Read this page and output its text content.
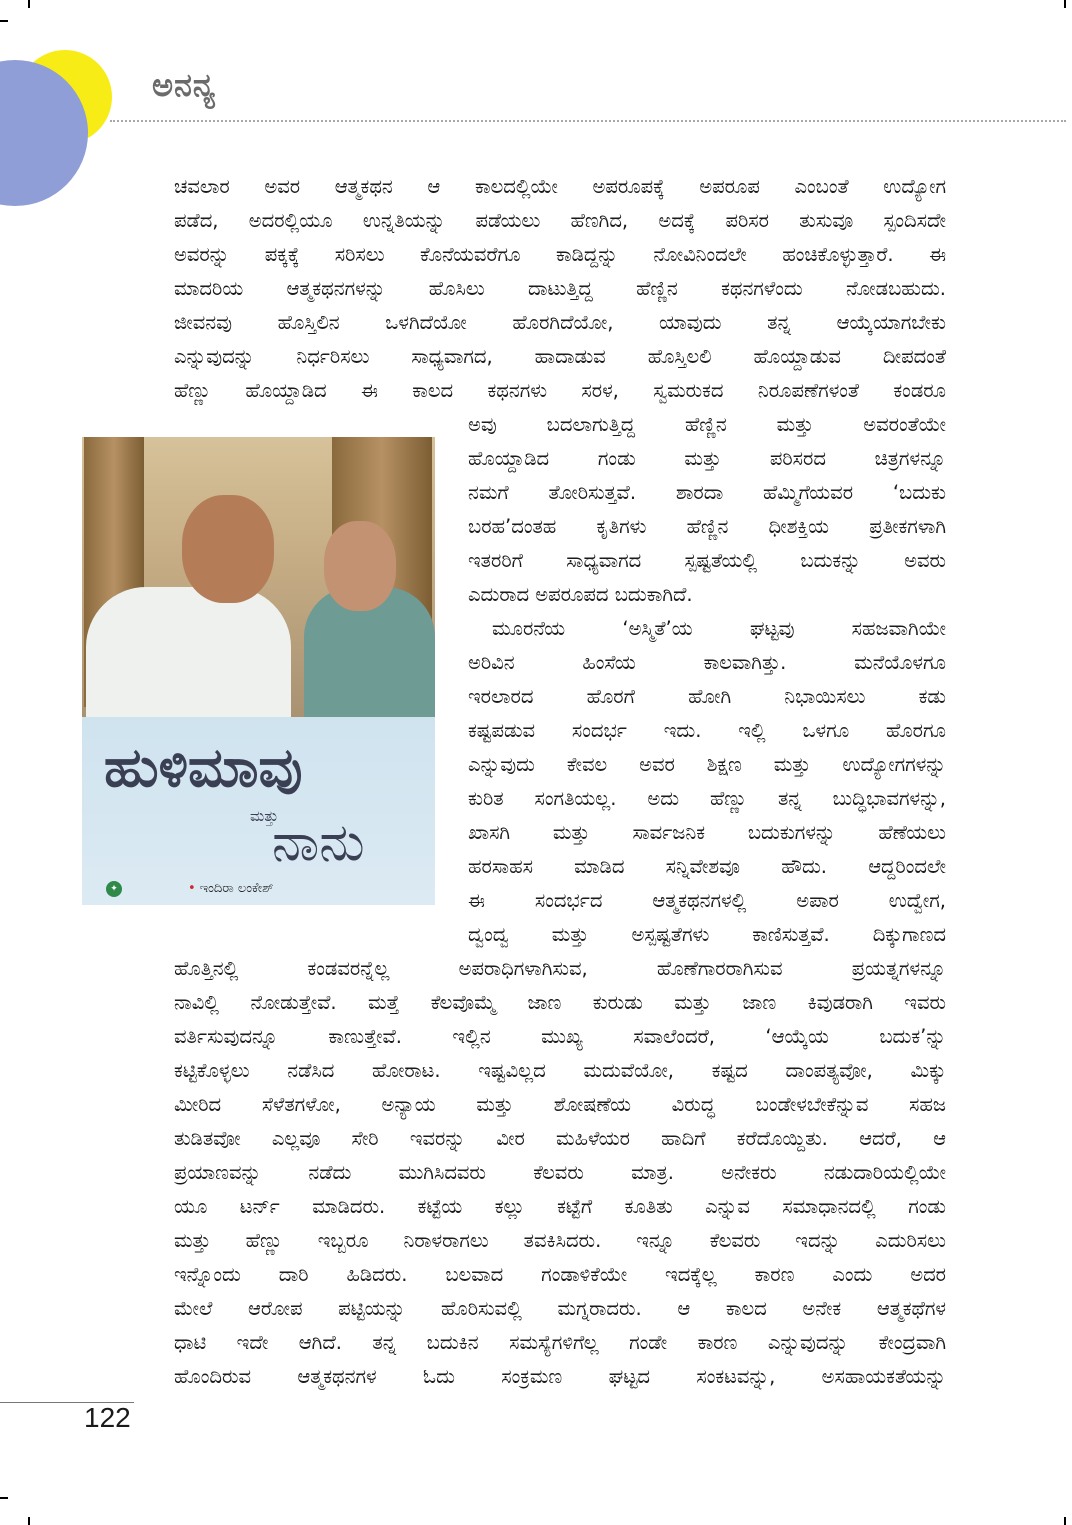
ಅನನ್ಯ
ಚವಲಾರ ಅವರ ಆತ್ಮಕಥನ ಆ ಕಾಲದಲ್ಲಿಯೇ ಅಪರೂಪಕ್ಕೆ ಅಪರೂಪ ಎಂಬಂತೆ ಉದ್ಯೋಗ
ಪಡೆದ, ಅದರಲ್ಲಿಯೂ ಉನ್ನತಿಯನ್ನು ಪಡೆಯಲು ಹೆಣಗಿದ, ಅದಕ್ಕೆ ಪರಿಸರ ತುಸುವೂ ಸ್ಪಂದಿಸದೇ
ಅವರನ್ನು ಪಕ್ಕಕ್ಕೆ ಸರಿಸಲು ಕೊನೆಯವರೆಗೂ ಕಾಡಿದ್ದನ್ನು ನೋವಿನಿಂದಲೇ ಹಂಚಿಕೊಳ್ಳುತ್ತಾರೆ. ಈ
ಮಾದರಿಯ ಆತ್ಮಕಥನಗಳನ್ನು ಹೊಸಿಲು ದಾಟುತ್ತಿದ್ದ ಹೆಣ್ಣಿನ ಕಥನಗಳೆಂದು ನೋಡಬಹುದು.
ಜೀವನವು ಹೊಸ್ತಿಲಿನ ಒಳಗಿದೆಯೋ ಹೊರಗಿದೆಯೋ, ಯಾವುದು ತನ್ನ ಆಯ್ಕೆಯಾಗಬೇಕು
ಎನ್ನುವುದನ್ನು ನಿರ್ಧರಿಸಲು ಸಾಧ್ಯವಾಗದ, ಹಾದಾಡುವ ಹೊಸ್ತಿಲಲಿ ಹೊಯ್ದಾಡುವ ದೀಪದಂತೆ
ಹೆಣ್ಣು ಹೊಯ್ದಾಡಿದ ಈ ಕಾಲದ ಕಥನಗಳು ಸರಳ, ಸ್ವಮರುಕದ ನಿರೂಪಣೆಗಳಂತೆ ಕಂಡರೂ
ಹುಳಿಮಾವು
ಮತ್ತು
ನಾನು
✦	• ಇಂದಿರಾ ಲಂಕೇಶ್
ಅವು ಬದಲಾಗುತ್ತಿದ್ದ ಹೆಣ್ಣಿನ ಮತ್ತು ಅವರಂತೆಯೇ
ಹೊಯ್ದಾಡಿದ ಗಂಡು ಮತ್ತು ಪರಿಸರದ ಚಿತ್ರಗಳನ್ನೂ
ನಮಗೆ ತೋರಿಸುತ್ತವೆ. ಶಾರದಾ ಹೆಮ್ಮಿಗೆಯವರ ‘ಬದುಕು
ಬರಹ’ದಂತಹ ಕೃತಿಗಳು ಹೆಣ್ಣಿನ ಧೀಶಕ್ತಿಯ ಪ್ರತೀಕಗಳಾಗಿ
ಇತರರಿಗೆ ಸಾಧ್ಯವಾಗದ ಸ್ಪಷ್ಟತೆಯಲ್ಲಿ ಬದುಕನ್ನು ಅವರು
ಎದುರಾದ ಅಪರೂಪದ ಬದುಕಾಗಿದೆ.
ಮೂರನೆಯ ‘ಅಸ್ಮಿತೆ’ಯ ಘಟ್ಟವು ಸಹಜವಾಗಿಯೇ
ಅರಿವಿನ ಹಿಂಸೆಯ ಕಾಲವಾಗಿತ್ತು. ಮನೆಯೊಳಗೂ
ಇರಲಾರದ ಹೊರಗೆ ಹೋಗಿ ನಿಭಾಯಿಸಲು ಕಡು
ಕಷ್ಟಪಡುವ ಸಂದರ್ಭ ಇದು. ಇಲ್ಲಿ ಒಳಗೂ ಹೊರಗೂ
ಎನ್ನುವುದು ಕೇವಲ ಅವರ ಶಿಕ್ಷಣ ಮತ್ತು ಉದ್ಯೋಗಗಳನ್ನು
ಕುರಿತ ಸಂಗತಿಯಲ್ಲ. ಅದು ಹೆಣ್ಣು ತನ್ನ ಬುದ್ಧಿಭಾವಗಳನ್ನು,
ಖಾಸಗಿ ಮತ್ತು ಸಾರ್ವಜನಿಕ ಬದುಕುಗಳನ್ನು ಹೆಣೆಯಲು
ಹರಸಾಹಸ ಮಾಡಿದ ಸನ್ನಿವೇಶವೂ ಹೌದು. ಆದ್ದರಿಂದಲೇ
ಈ ಸಂದರ್ಭದ ಆತ್ಮಕಥನಗಳಲ್ಲಿ ಅಪಾರ ಉದ್ವೇಗ,
ದ್ವಂದ್ವ ಮತ್ತು ಅಸ್ಪಷ್ಟತೆಗಳು ಕಾಣಿಸುತ್ತವೆ. ದಿಕ್ಕುಗಾಣದ
ಹೊತ್ತಿನಲ್ಲಿ ಕಂಡವರನ್ನೆಲ್ಲ ಅಪರಾಧಿಗಳಾಗಿಸುವ, ಹೊಣೆಗಾರರಾಗಿಸುವ ಪ್ರಯತ್ನಗಳನ್ನೂ
ನಾವಿಲ್ಲಿ ನೋಡುತ್ತೇವೆ. ಮತ್ತೆ ಕೆಲವೊಮ್ಮೆ ಜಾಣ ಕುರುಡು ಮತ್ತು ಜಾಣ ಕಿವುಡರಾಗಿ ಇವರು
ವರ್ತಿಸುವುದನ್ನೂ ಕಾಣುತ್ತೇವೆ. ಇಲ್ಲಿನ ಮುಖ್ಯ ಸವಾಲೆಂದರೆ, ‘ಆಯ್ಕೆಯ ಬದುಕ’ನ್ನು
ಕಟ್ಟಿಕೊಳ್ಳಲು ನಡೆಸಿದ ಹೋರಾಟ. ಇಷ್ಟವಿಲ್ಲದ ಮದುವೆಯೋ, ಕಷ್ಟದ ದಾಂಪತ್ಯವೋ, ಮಿಕ್ಕು
ಮೀರಿದ ಸೆಳೆತಗಳೋ, ಅನ್ಯಾಯ ಮತ್ತು ಶೋಷಣೆಯ ವಿರುದ್ಧ ಬಂಡೇಳಬೇಕೆನ್ನುವ ಸಹಜ
ತುಡಿತವೋ ಎಲ್ಲವೂ ಸೇರಿ ಇವರನ್ನು ವೀರ ಮಹಿಳೆಯರ ಹಾದಿಗೆ ಕರೆದೊಯ್ದಿತು. ಆದರೆ, ಆ
ಪ್ರಯಾಣವನ್ನು ನಡೆದು ಮುಗಿಸಿದವರು ಕೆಲವರು ಮಾತ್ರ. ಅನೇಕರು ನಡುದಾರಿಯಲ್ಲಿಯೇ
ಯೂ ಟರ್ನ್ ಮಾಡಿದರು. ಕಟ್ಟೆಯ ಕಲ್ಲು ಕಟ್ಟೆಗೆ ಕೂತಿತು ಎನ್ನುವ ಸಮಾಧಾನದಲ್ಲಿ ಗಂಡು
ಮತ್ತು ಹೆಣ್ಣು ಇಬ್ಬರೂ ನಿರಾಳರಾಗಲು ತವಕಿಸಿದರು. ಇನ್ನೂ ಕೆಲವರು ಇದನ್ನು ಎದುರಿಸಲು
ಇನ್ನೊಂದು ದಾರಿ ಹಿಡಿದರು. ಬಲವಾದ ಗಂಡಾಳಿಕೆಯೇ ಇದಕ್ಕೆಲ್ಲ ಕಾರಣ ಎಂದು ಅದರ
ಮೇಲೆ ಆರೋಪ ಪಟ್ಟಿಯನ್ನು ಹೊರಿಸುವಲ್ಲಿ ಮಗ್ನರಾದರು. ಆ ಕಾಲದ ಅನೇಕ ಆತ್ಮಕಥೆಗಳ
ಧಾಟಿ ಇದೇ ಆಗಿದೆ. ತನ್ನ ಬದುಕಿನ ಸಮಸ್ಯೆಗಳಿಗೆಲ್ಲ ಗಂಡೇ ಕಾರಣ ಎನ್ನುವುದನ್ನು ಕೇಂದ್ರವಾಗಿ
ಹೊಂದಿರುವ ಆತ್ಮಕಥನಗಳ ಓದು ಸಂಕ್ರಮಣ ಘಟ್ಟದ ಸಂಕಟವನ್ನು, ಅಸಹಾಯಕತೆಯನ್ನು
122
